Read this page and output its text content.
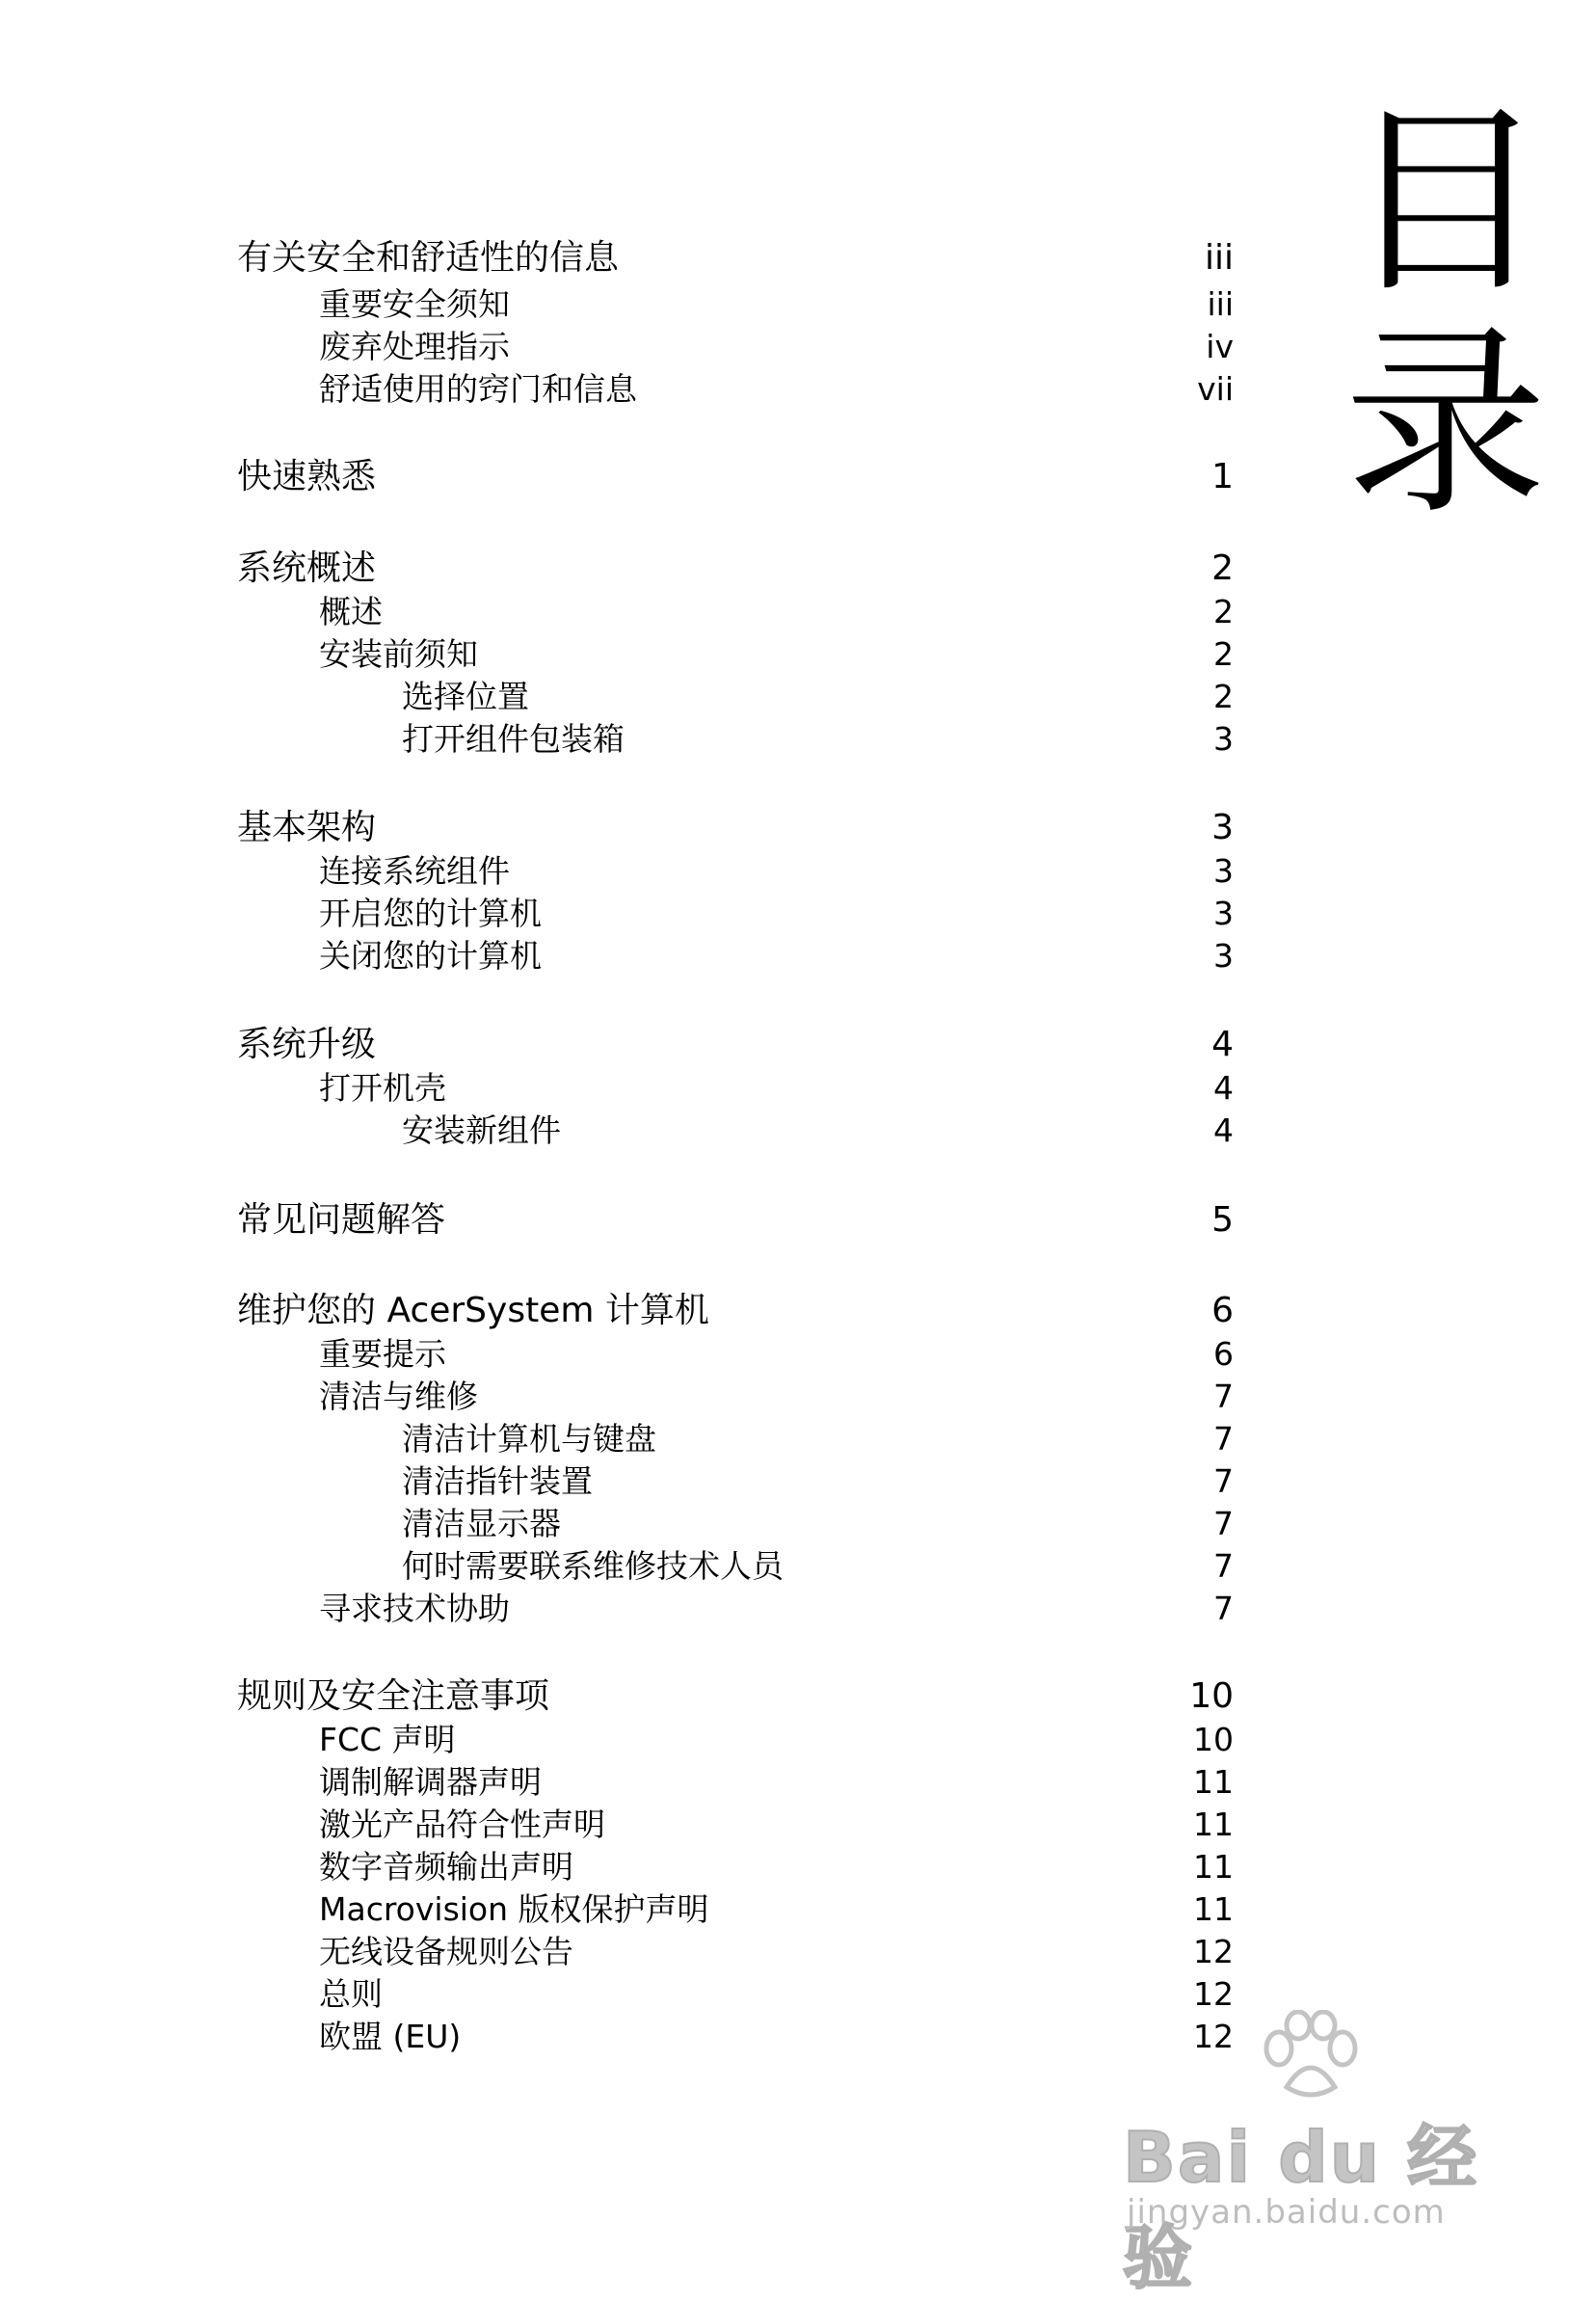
目
录
有关安全和舒适性的信息	iii
重要安全须知	iii
废弃处理指示	iv
舒适使用的窍门和信息	vii
快速熟悉	1
系统概述	2
概述	2
安装前须知	2
选择位置	2
打开组件包装箱	3
基本架构	3
连接系统组件	3
开启您的计算机	3
关闭您的计算机	3
系统升级	4
打开机壳	4
安装新组件	4
常见问题解答	5
维护您的 AcerSystem 计算机	6
重要提示	6
清洁与维修	7
清洁计算机与键盘	7
清洁指针装置	7
清洁显示器	7
何时需要联系维修技术人员	7
寻求技术协助	7
规则及安全注意事项	10
FCC 声明	10
调制解调器声明	11
激光产品符合性声明	11
数字音频输出声明	11
Macrovision 版权保护声明	11
无线设备规则公告	12
总则	12
欧盟 (EU)	12
Bai du 经验
jingyan.baidu.com
